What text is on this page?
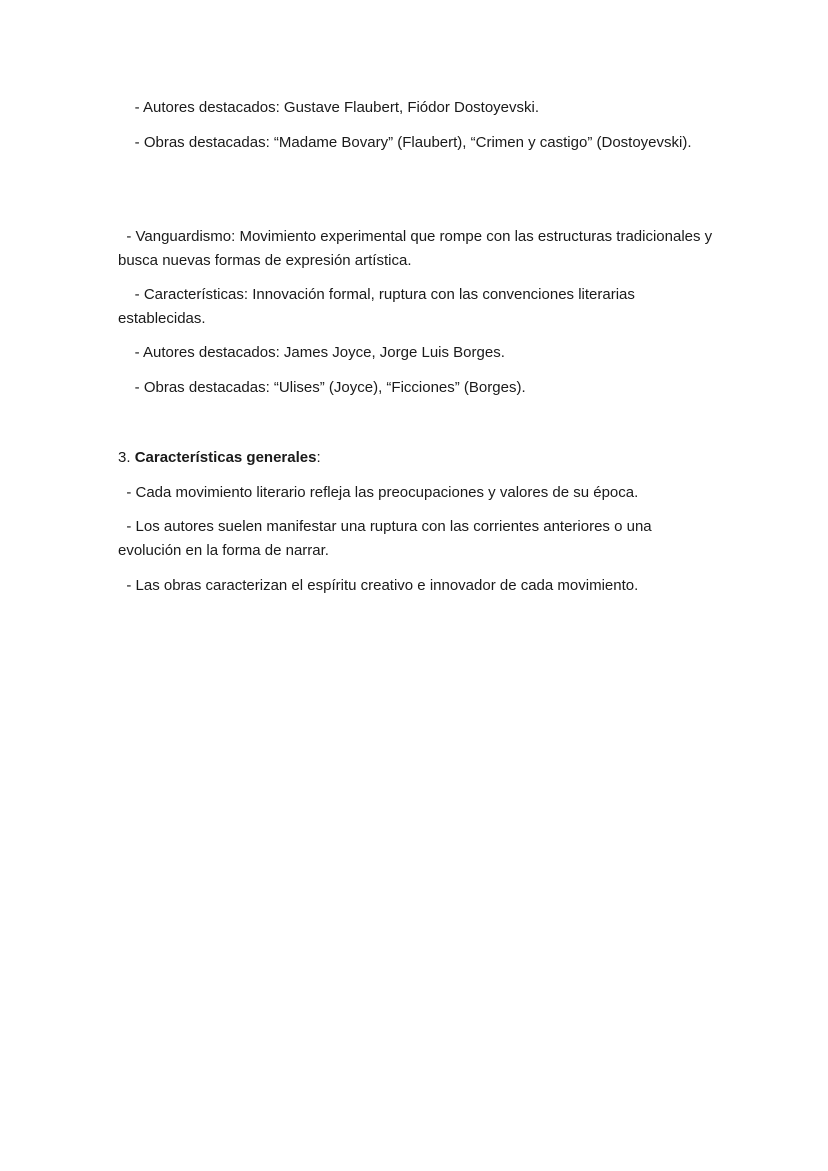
- Autores destacados: Gustave Flaubert, Fiódor Dostoyevski.

- Obras destacadas: “Madame Bovary” (Flaubert), “Crimen y castigo” (Dostoyevski).

- Vanguardismo: Movimiento experimental que rompe con las estructuras tradicionales y busca nuevas formas de expresión artística.

- Características: Innovación formal, ruptura con las convenciones literarias establecidas.

- Autores destacados: James Joyce, Jorge Luis Borges.

- Obras destacadas: “Ulises” (Joyce), “Ficciones” (Borges).

3. Características generales:

- Cada movimiento literario refleja las preocupaciones y valores de su época.

- Los autores suelen manifestar una ruptura con las corrientes anteriores o una evolución en la forma de narrar.

- Las obras caracterizan el espíritu creativo e innovador de cada movimiento.
